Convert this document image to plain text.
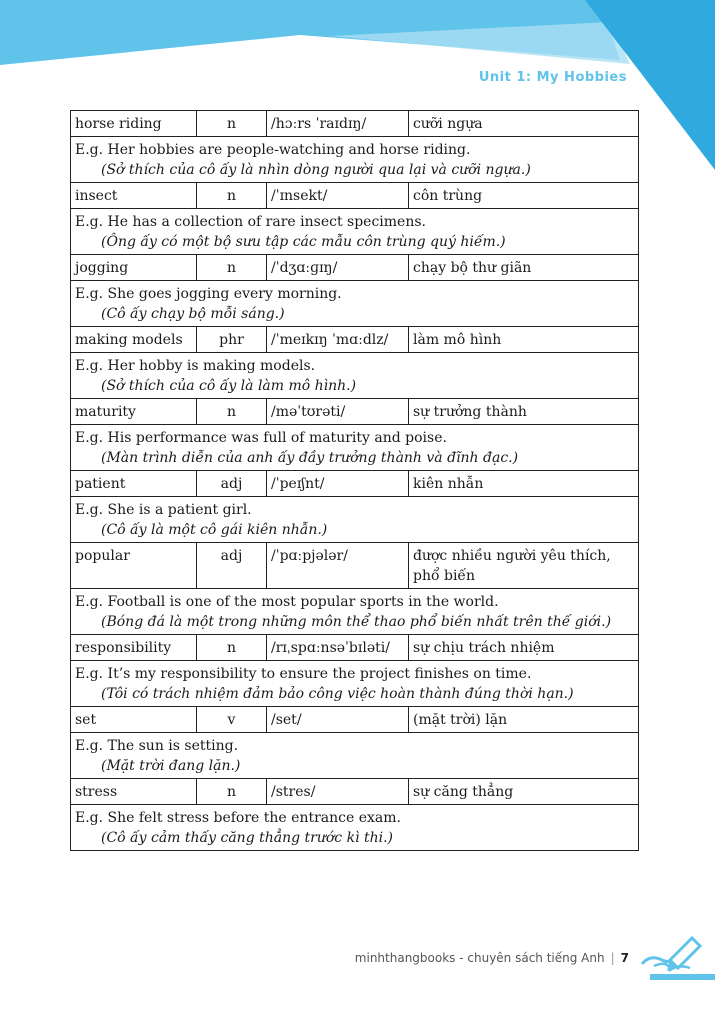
Unit 1: My Hobbies
horse riding	n	/hɔːrs ˈraɪdɪŋ/	cưỡi ngựa

E.g. Her hobbies are people-watching and horse riding.
(Sở thích của cô ấy là nhìn dòng người qua lại và cưỡi ngựa.)			

insect	n	/ˈɪnsekt/	côn trùng

E.g. He has a collection of rare insect specimens.
(Ông ấy có một bộ sưu tập các mẫu côn trùng quý hiếm.)			

jogging	n	/ˈdʒɑːɡɪŋ/	chạy bộ thư giãn

E.g. She goes jogging every morning.
(Cô ấy chạy bộ mỗi sáng.)			

making models	phr	/ˈmeɪkɪŋ ˈmɑːdlz/	làm mô hình

E.g. Her hobby is making models.
(Sở thích của cô ấy là làm mô hình.)			

maturity	n	/məˈtʊrəti/	sự trưởng thành

E.g. His performance was full of maturity and poise.
(Màn trình diễn của anh ấy đầy trưởng thành và đĩnh đạc.)			

patient	adj	/ˈpeɪʃnt/	kiên nhẫn

E.g. She is a patient girl.
(Cô ấy là một cô gái kiên nhẫn.)			

popular	adj	/ˈpɑːpjələr/	được nhiều người yêu thích, phổ biến

E.g. Football is one of the most popular sports in the world.
(Bóng đá là một trong những môn thể thao phổ biến nhất trên thế giới.)			

responsibility	n	/rɪˌspɑːnsəˈbɪləti/	sự chịu trách nhiệm

E.g. It’s my responsibility to ensure the project finishes on time.
(Tôi có trách nhiệm đảm bảo công việc hoàn thành đúng thời hạn.)			

set	v	/set/	(mặt trời) lặn

E.g. The sun is setting.
(Mặt trời đang lặn.)			

stress	n	/stres/	sự căng thẳng

E.g. She felt stress before the entrance exam.
(Cô ấy cảm thấy căng thẳng trước kì thi.)			
minhthangbooks - chuyên sách tiếng Anh | 7
